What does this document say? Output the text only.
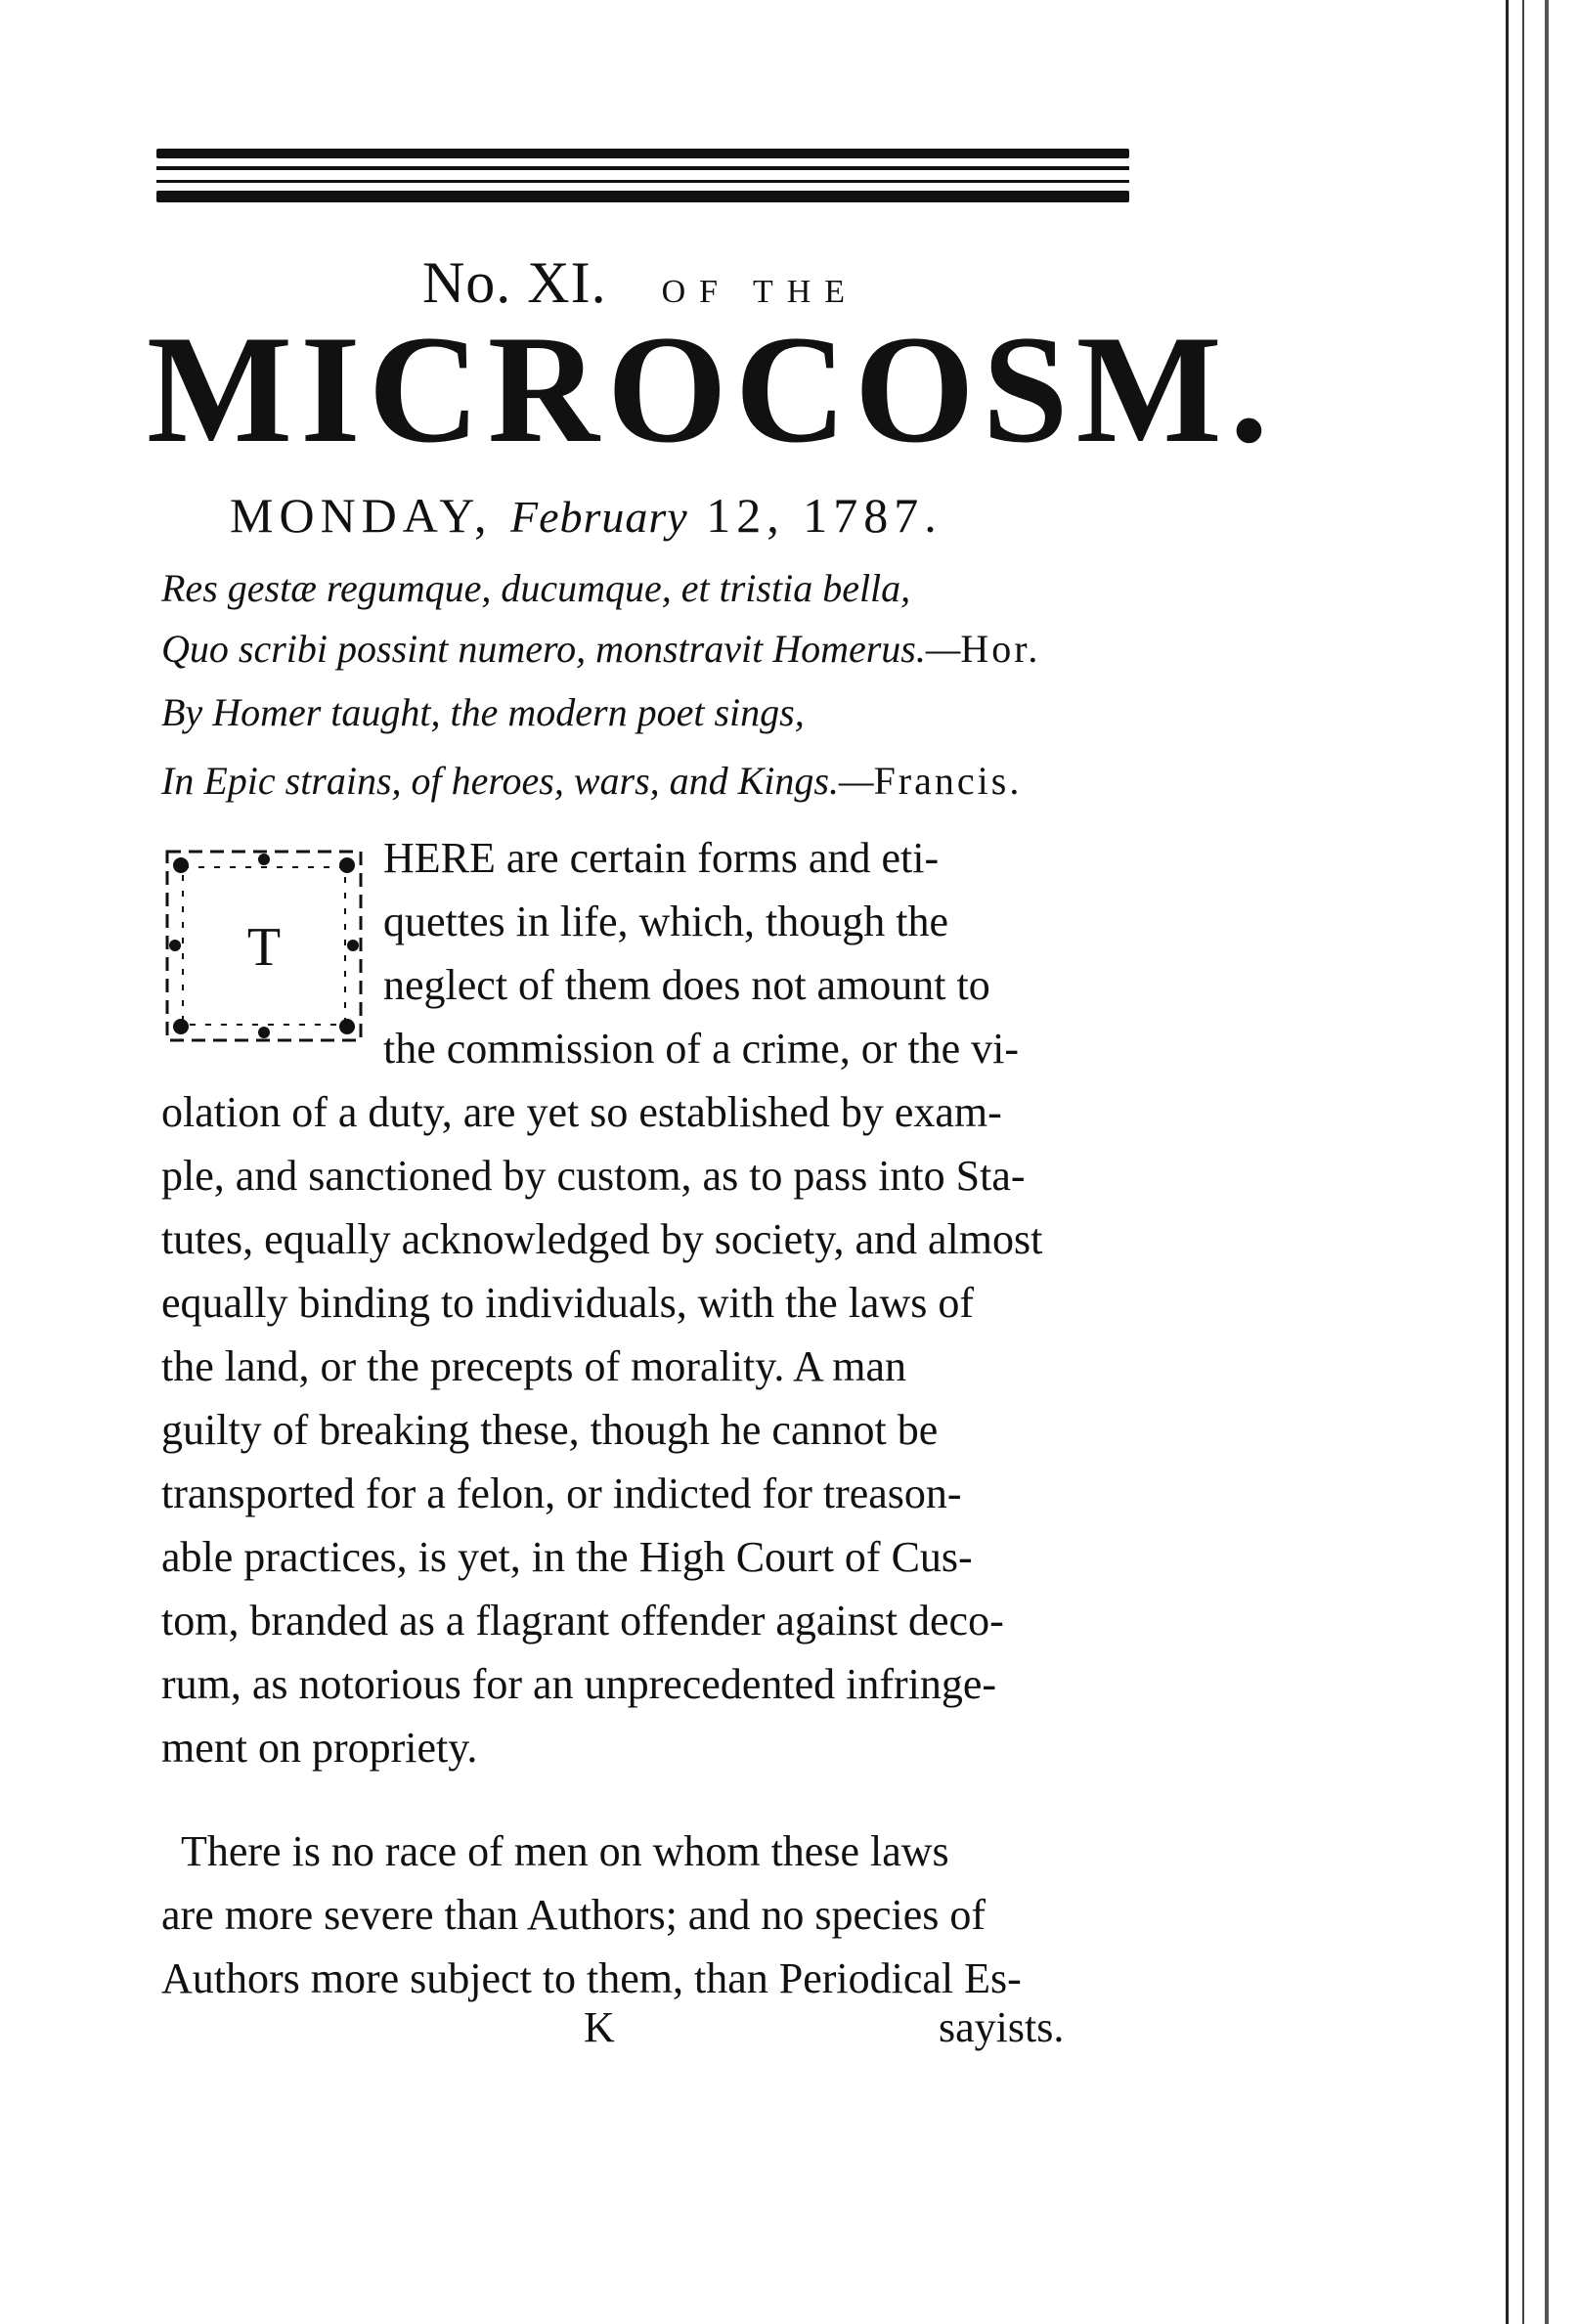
No. XI. OF THE
MICROCOSM.
MONDAY, February 12, 1787.
Res gestæ regumque, ducumque, et tristia bella,
Quo scribi possint numero, monstravit Homerus.—Hor.
By Homer taught, the modern poet sings,
In Epic strains, of heroes, wars, and Kings.—Francis.
T
HERE are certain forms and eti-
quettes in life, which, though the
neglect of them does not amount to
the commission of a crime, or the vi-
olation of a duty, are yet so established by exam-
ple, and sanctioned by custom, as to pass into Sta-
tutes, equally acknowledged by society, and almost
equally binding to individuals, with the laws of
the land, or the precepts of morality. A man
guilty of breaking these, though he cannot be
transported for a felon, or indicted for treason-
able practices, is yet, in the High Court of Cus-
tom, branded as a flagrant offender against deco-
rum, as notorious for an unprecedented infringe-
ment on propriety.
There is no race of men on whom these laws
are more severe than Authors; and no species of
Authors more subject to them, than Periodical Es-
K	sayists.
